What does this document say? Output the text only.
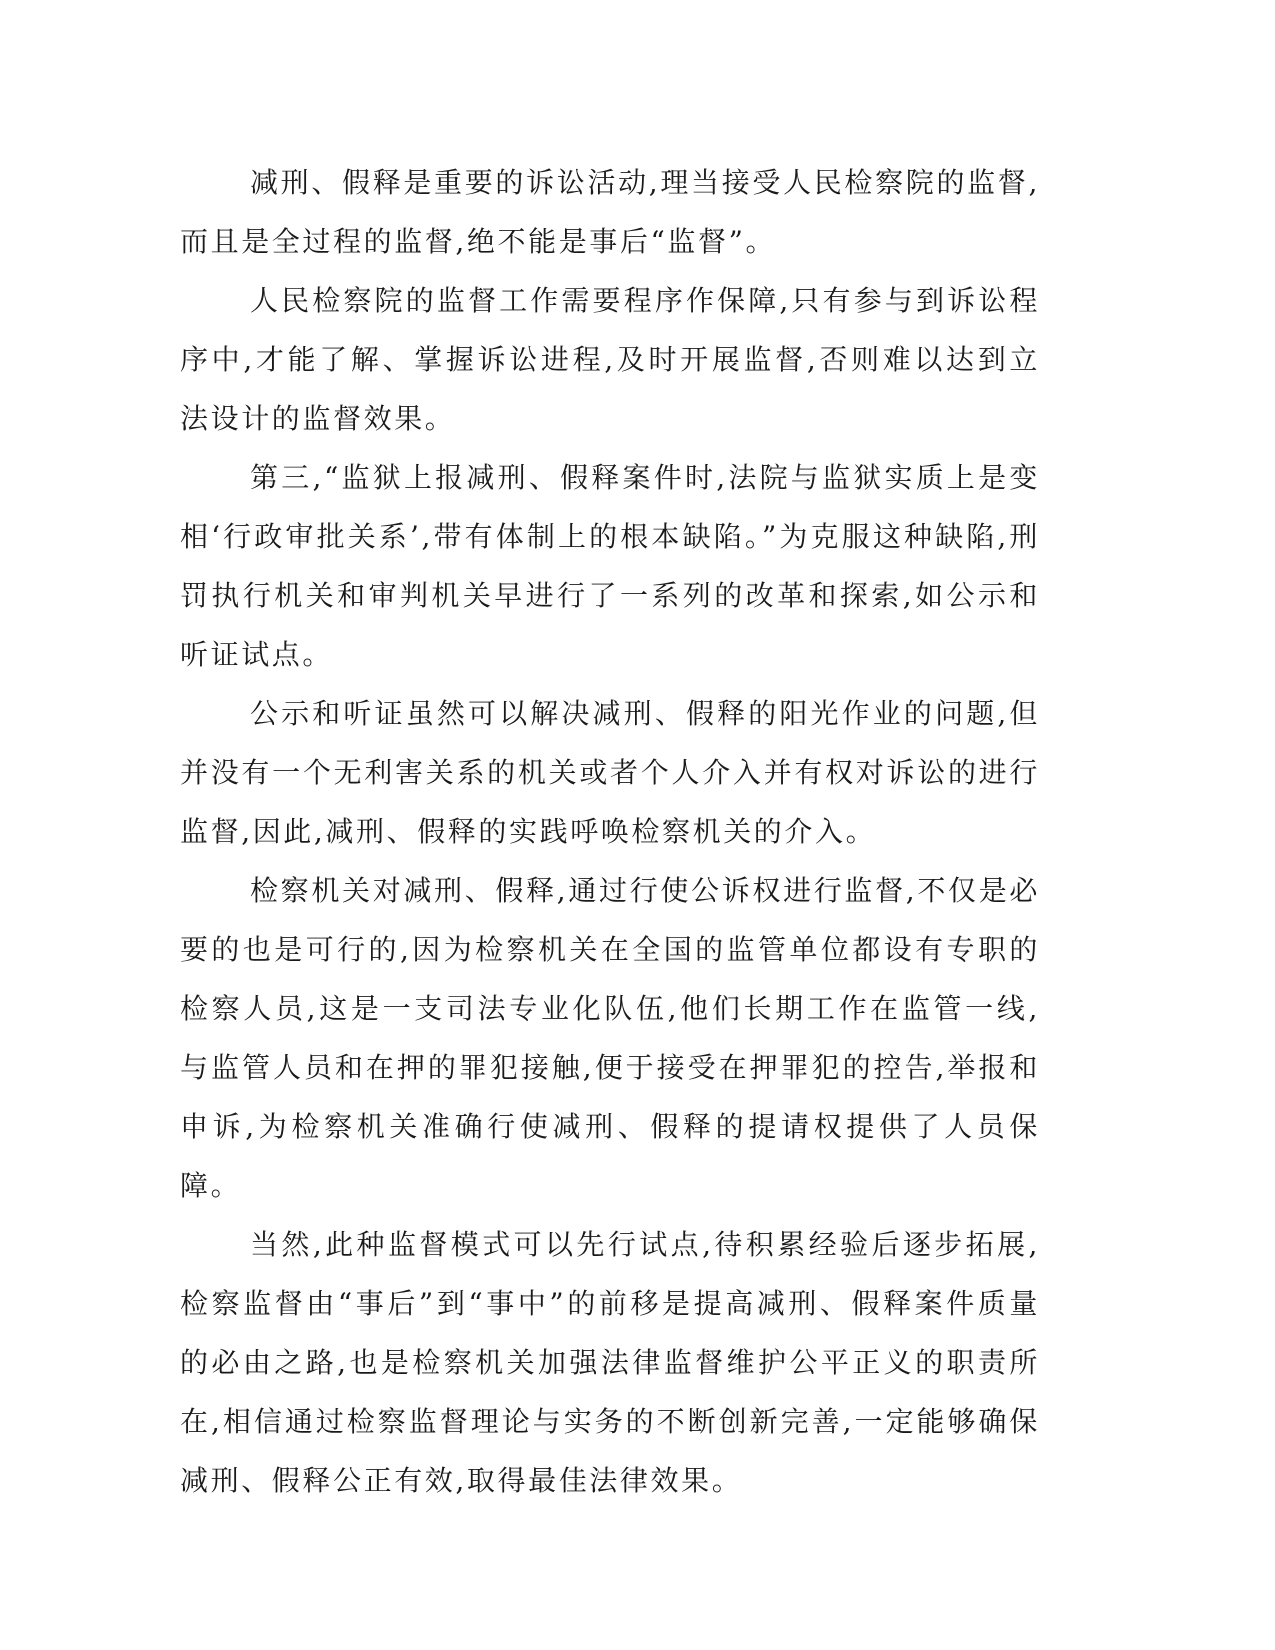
减刑、假释是重要的诉讼活动,理当接受人民检察院的监督,而且是全过程的监督,绝不能是事后“监督”。

人民检察院的监督工作需要程序作保障,只有参与到诉讼程序中,才能了解、掌握诉讼进程,及时开展监督,否则难以达到立法设计的监督效果。

第三,“监狱上报减刑、假释案件时,法院与监狱实质上是变相‘行政审批关系’,带有体制上的根本缺陷。”为克服这种缺陷,刑罚执行机关和审判机关早进行了一系列的改革和探索,如公示和听证试点。

公示和听证虽然可以解决减刑、假释的阳光作业的问题,但并没有一个无利害关系的机关或者个人介入并有权对诉讼的进行监督,因此,减刑、假释的实践呼唤检察机关的介入。

检察机关对减刑、假释,通过行使公诉权进行监督,不仅是必要的也是可行的,因为检察机关在全国的监管单位都设有专职的检察人员,这是一支司法专业化队伍,他们长期工作在监管一线,与监管人员和在押的罪犯接触,便于接受在押罪犯的控告,举报和申诉,为检察机关准确行使减刑、假释的提请权提供了人员保障。

当然,此种监督模式可以先行试点,待积累经验后逐步拓展,检察监督由“事后”到“事中”的前移是提高减刑、假释案件质量的必由之路,也是检察机关加强法律监督维护公平正义的职责所在,相信通过检察监督理论与实务的不断创新完善,一定能够确保减刑、假释公正有效,取得最佳法律效果。
